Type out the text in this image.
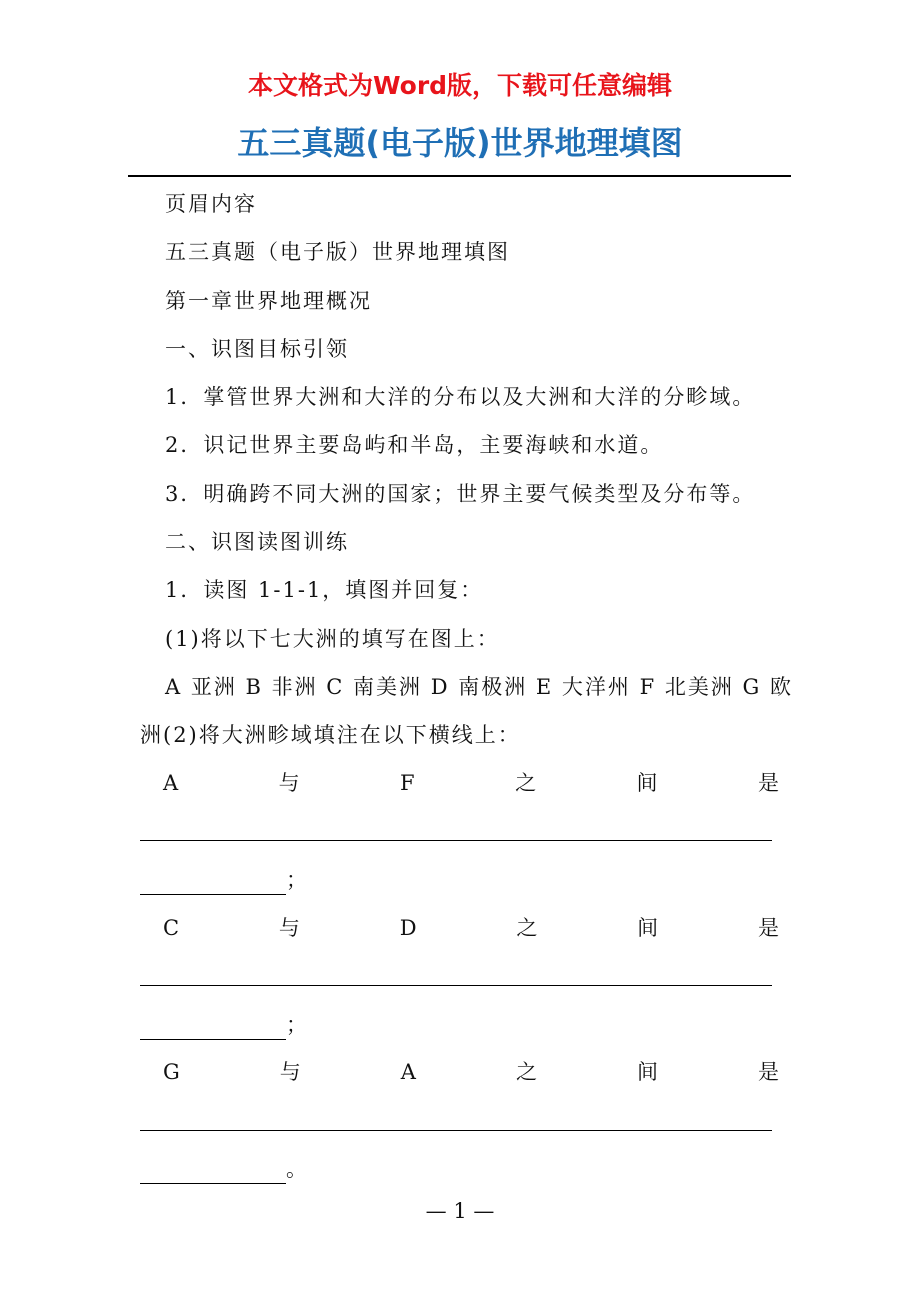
本文格式为Word版，下载可任意编辑
五三真题(电子版)世界地理填图
页眉内容
五三真题（电子版）世界地理填图
第一章世界地理概况
一、识图目标引领
1．掌管世界大洲和大洋的分布以及大洲和大洋的分畛域。
2．识记世界主要岛屿和半岛，主要海峡和水道。
3．明确跨不同大洲的国家；世界主要气候类型及分布等。
二、识图读图训练
1．读图 1-1-1，填图并回复：
(1)将以下七大洲的填写在图上：
A 亚洲 B 非洲 C 南美洲 D 南极洲 E 大洋州 F 北美洲 G 欧
洲(2)将大洲畛域填注在以下横线上：
A	与	F	之	间	是
；
C	与	D	之	间	是
；
G	与	A	之	间	是
。
— 1 —
